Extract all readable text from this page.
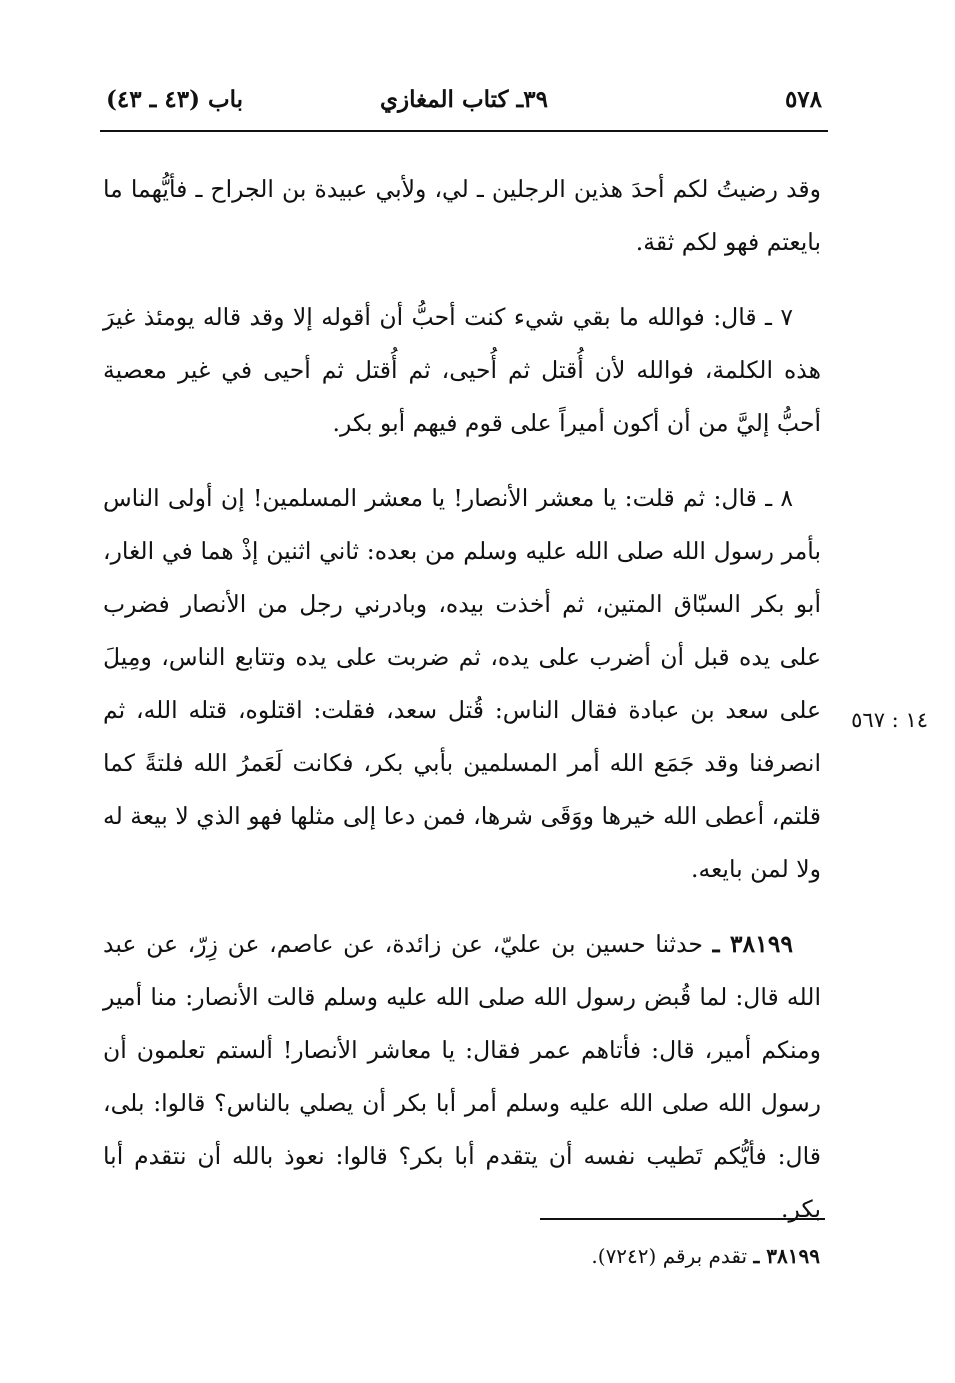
٥٧٨
٣٩ـ كتاب المغازي
باب (٤٣ ـ ٤٣)

وقد رضيتُ لكم أحدَ هذين الرجلين ـ لي، ولأبي عبيدة بن الجراح ـ فأيُّهما ما بايعتم فهو لكم ثقة.

٧ ـ قال: فوالله ما بقي شيء كنت أحبُّ أن أقوله إلا وقد قاله يومئذ غيرَ هذه الكلمة، فوالله لأن أُقتل ثم أُحيى، ثم أُقتل ثم أحيى في غير معصية أحبُّ إليَّ من أن أكون أميراً على قوم فيهم أبو بكر.

٨ ـ قال: ثم قلت: يا معشر الأنصار! يا معشر المسلمين! إن أولى الناس بأمر رسول الله صلى الله عليه وسلم من بعده: ثاني اثنين إذْ هما في الغار، أبو بكر السبّاق المتين، ثم أخذت بيده، وبادرني رجل من الأنصار فضرب على يده قبل أن أضرب على يده، ثم ضربت على يده وتتابع الناس، ومِيلَ على سعد بن عبادة فقال الناس: قُتل سعد، فقلت: اقتلوه، قتله الله، ثم انصرفنا وقد جَمَع الله أمر المسلمين بأبي بكر، فكانت لَعَمرُ الله فلتةً كما قلتم، أعطى الله خيرها ووَقَى شرها، فمن دعا إلى مثلها فهو الذي لا بيعة له ولا لمن بايعه.

٣٨١٩٩ ـ حدثنا حسين بن عليّ، عن زائدة، عن عاصم، عن زِرّ، عن عبد الله قال: لما قُبض رسول الله صلى الله عليه وسلم قالت الأنصار: منا أمير ومنكم أمير، قال: فأتاهم عمر فقال: يا معاشر الأنصار! ألستم تعلمون أن رسول الله صلى الله عليه وسلم أمر أبا بكر أن يصلي بالناس؟ قالوا: بلى، قال: فأيُّكم تَطيب نفسه أن يتقدم أبا بكر؟ قالوا: نعوذ بالله أن نتقدم أبا بكر.

١٤ : ٥٦٧
٣٨١٩٩ ـ تقدم برقم (٧٢٤٢).
